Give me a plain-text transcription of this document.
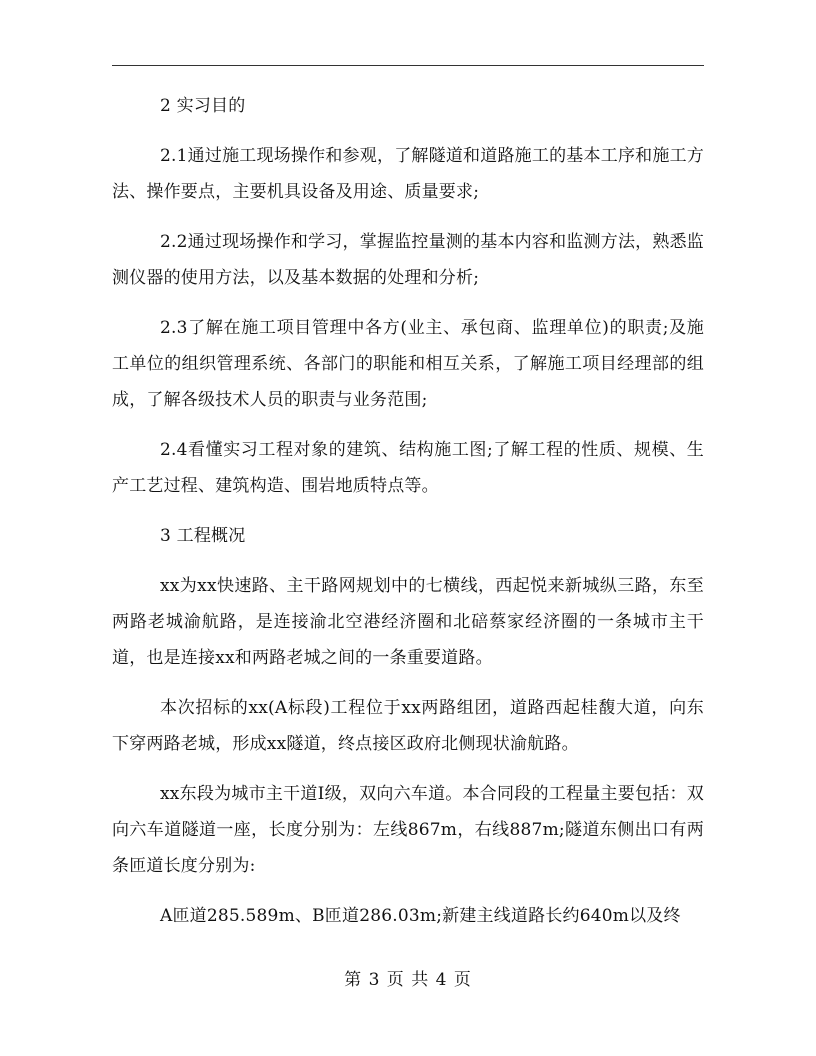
2 实习目的

2.1通过施工现场操作和参观，了解隧道和道路施工的基本工序和施工方法、操作要点，主要机具设备及用途、质量要求;

2.2通过现场操作和学习，掌握监控量测的基本内容和监测方法，熟悉监测仪器的使用方法，以及基本数据的处理和分析;

2.3了解在施工项目管理中各方(业主、承包商、监理单位)的职责;及施工单位的组织管理系统、各部门的职能和相互关系，了解施工项目经理部的组成，了解各级技术人员的职责与业务范围;

2.4看懂实习工程对象的建筑、结构施工图;了解工程的性质、规模、生产工艺过程、建筑构造、围岩地质特点等。

3 工程概况

xx为xx快速路、主干路网规划中的七横线，西起悦来新城纵三路，东至两路老城渝航路，是连接渝北空港经济圈和北碚蔡家经济圈的一条城市主干道，也是连接xx和两路老城之间的一条重要道路。

本次招标的xx(A标段)工程位于xx两路组团，道路西起桂馥大道，向东下穿两路老城，形成xx隧道，终点接区政府北侧现状渝航路。

xx东段为城市主干道Ⅰ级，双向六车道。本合同段的工程量主要包括：双向六车道隧道一座，长度分别为：左线867m，右线887m;隧道东侧出口有两条匝道长度分别为:

A匝道285.589m、B匝道286.03m;新建主线道路长约640m以及终

第 3 页 共 4 页
